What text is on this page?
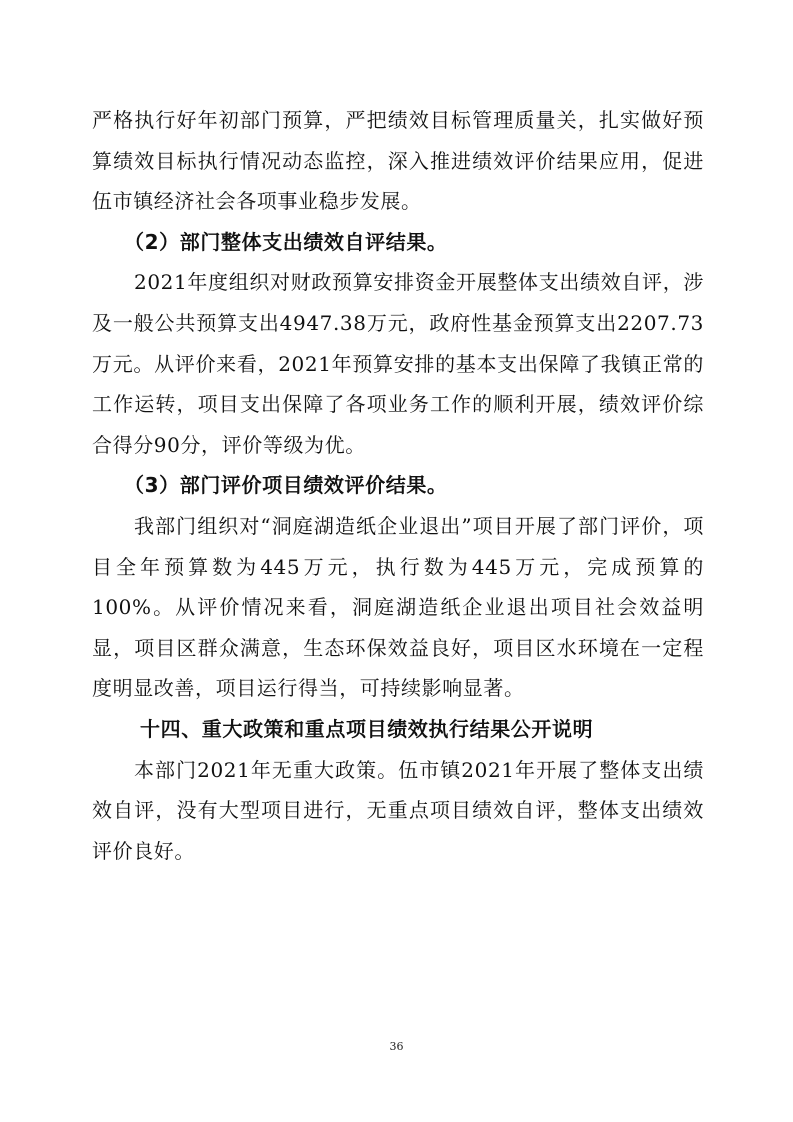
严格执行好年初部门预算，严把绩效目标管理质量关，扎实做好预算绩效目标执行情况动态监控，深入推进绩效评价结果应用，促进伍市镇经济社会各项事业稳步发展。

（2）部门整体支出绩效自评结果。

2021年度组织对财政预算安排资金开展整体支出绩效自评，涉及一般公共预算支出4947.38万元，政府性基金预算支出2207.73万元。从评价来看，2021年预算安排的基本支出保障了我镇正常的工作运转，项目支出保障了各项业务工作的顺利开展，绩效评价综合得分90分，评价等级为优。

（3）部门评价项目绩效评价结果。

我部门组织对“洞庭湖造纸企业退出”项目开展了部门评价，项目全年预算数为445万元，执行数为445万元，完成预算的100%。从评价情况来看，洞庭湖造纸企业退出项目社会效益明显，项目区群众满意，生态环保效益良好，项目区水环境在一定程度明显改善，项目运行得当，可持续影响显著。

十四、重大政策和重点项目绩效执行结果公开说明

本部门2021年无重大政策。伍市镇2021年开展了整体支出绩效自评，没有大型项目进行，无重点项目绩效自评，整体支出绩效评价良好。

36
